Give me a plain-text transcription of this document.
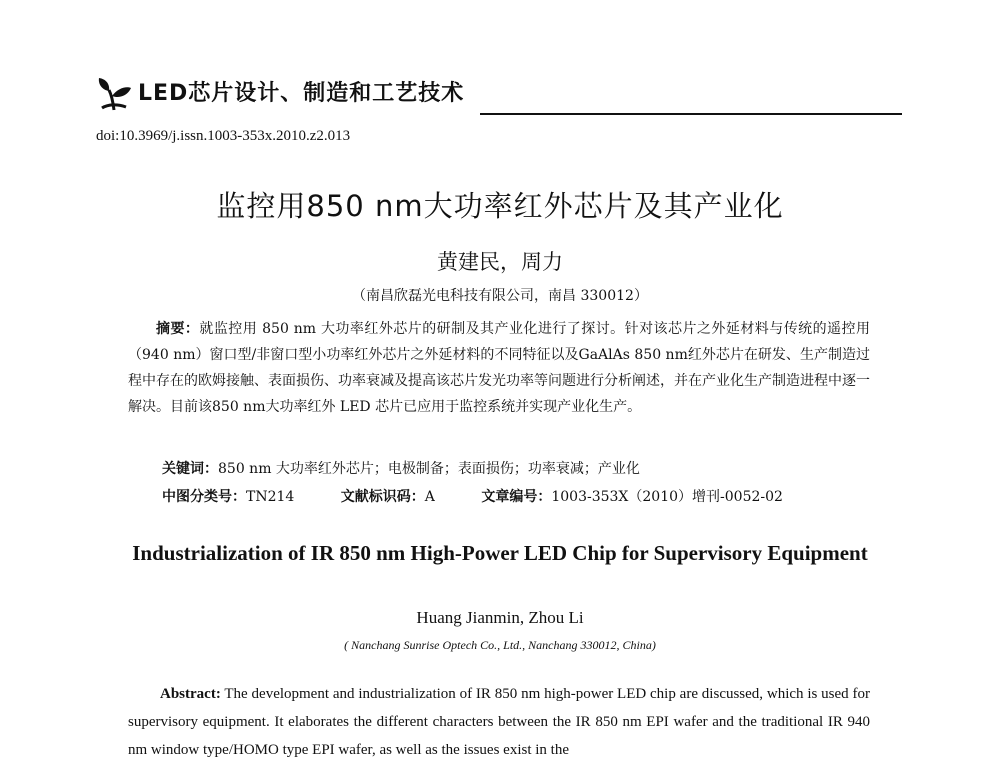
LED芯片设计、制造和工艺技术
doi:10.3969/j.issn.1003-353x.2010.z2.013
监控用850 nm大功率红外芯片及其产业化
黄建民，周力
（南昌欣磊光电科技有限公司，南昌 330012）
摘要：就监控用 850 nm 大功率红外芯片的研制及其产业化进行了探讨。针对该芯片之外延材料与传统的遥控用（940 nm）窗口型/非窗口型小功率红外芯片之外延材料的不同特征以及GaAlAs 850 nm红外芯片在研发、生产制造过程中存在的欧姆接触、表面损伤、功率衰减及提高该芯片发光功率等问题进行分析阐述，并在产业化生产制造进程中逐一解决。目前该850 nm大功率红外 LED 芯片已应用于监控系统并实现产业化生产。
关键词：850 nm 大功率红外芯片；电极制备；表面损伤；功率衰减；产业化
中图分类号：TN214	文献标识码：A	文章编号：1003-353X（2010）增刊-0052-02
Industrialization of IR 850 nm High-Power LED Chip for Supervisory Equipment
Huang Jianmin, Zhou Li
( Nanchang Sunrise Optech Co., Ltd., Nanchang 330012, China)
Abstract: The development and industrialization of IR 850 nm high-power LED chip are discussed, which is used for supervisory equipment. It elaborates the different characters between the IR 850 nm EPI wafer and the traditional IR 940 nm window type/HOMO type EPI wafer, as well as the issues exist in the
